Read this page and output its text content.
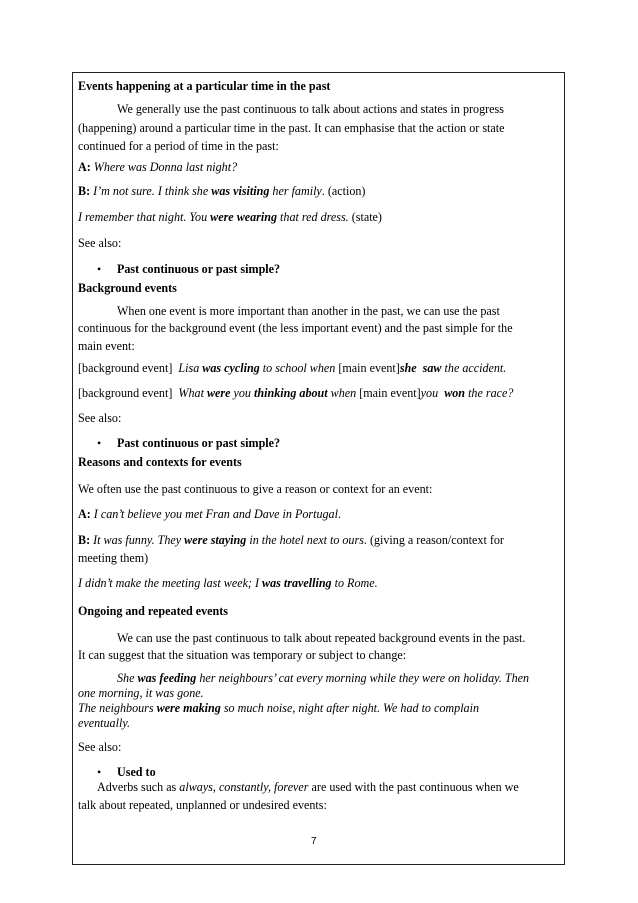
Events happening at a particular time in the past
We generally use the past continuous to talk about actions and states in progress
(happening) around a particular time in the past. It can emphasise that the action or state
continued for a period of time in the past:
A: Where was Donna last night?
B: I’m not sure. I think she was visiting her family. (action)
I remember that night. You were wearing that red dress. (state)
See also:
• Past continuous or past simple?
Background events
When one event is more important than another in the past, we can use the past
continuous for the background event (the less important event) and the past simple for the
main event:
[background event] Lisa was cycling to school when [main event]she saw the accident.
[background event] What were you thinking about when [main event]you won the race?
See also:
• Past continuous or past simple?
Reasons and contexts for events
We often use the past continuous to give a reason or context for an event:
A: I can’t believe you met Fran and Dave in Portugal.
B: It was funny. They were staying in the hotel next to ours. (giving a reason/context for
meeting them)
I didn’t make the meeting last week; I was travelling to Rome.
Ongoing and repeated events
We can use the past continuous to talk about repeated background events in the past.
It can suggest that the situation was temporary or subject to change:
She was feeding her neighbours’ cat every morning while they were on holiday. Then
one morning, it was gone.
The neighbours were making so much noise, night after night. We had to complain
eventually.
See also:
• Used to
Adverbs such as always, constantly, forever are used with the past continuous when we
talk about repeated, unplanned or undesired events:
7
